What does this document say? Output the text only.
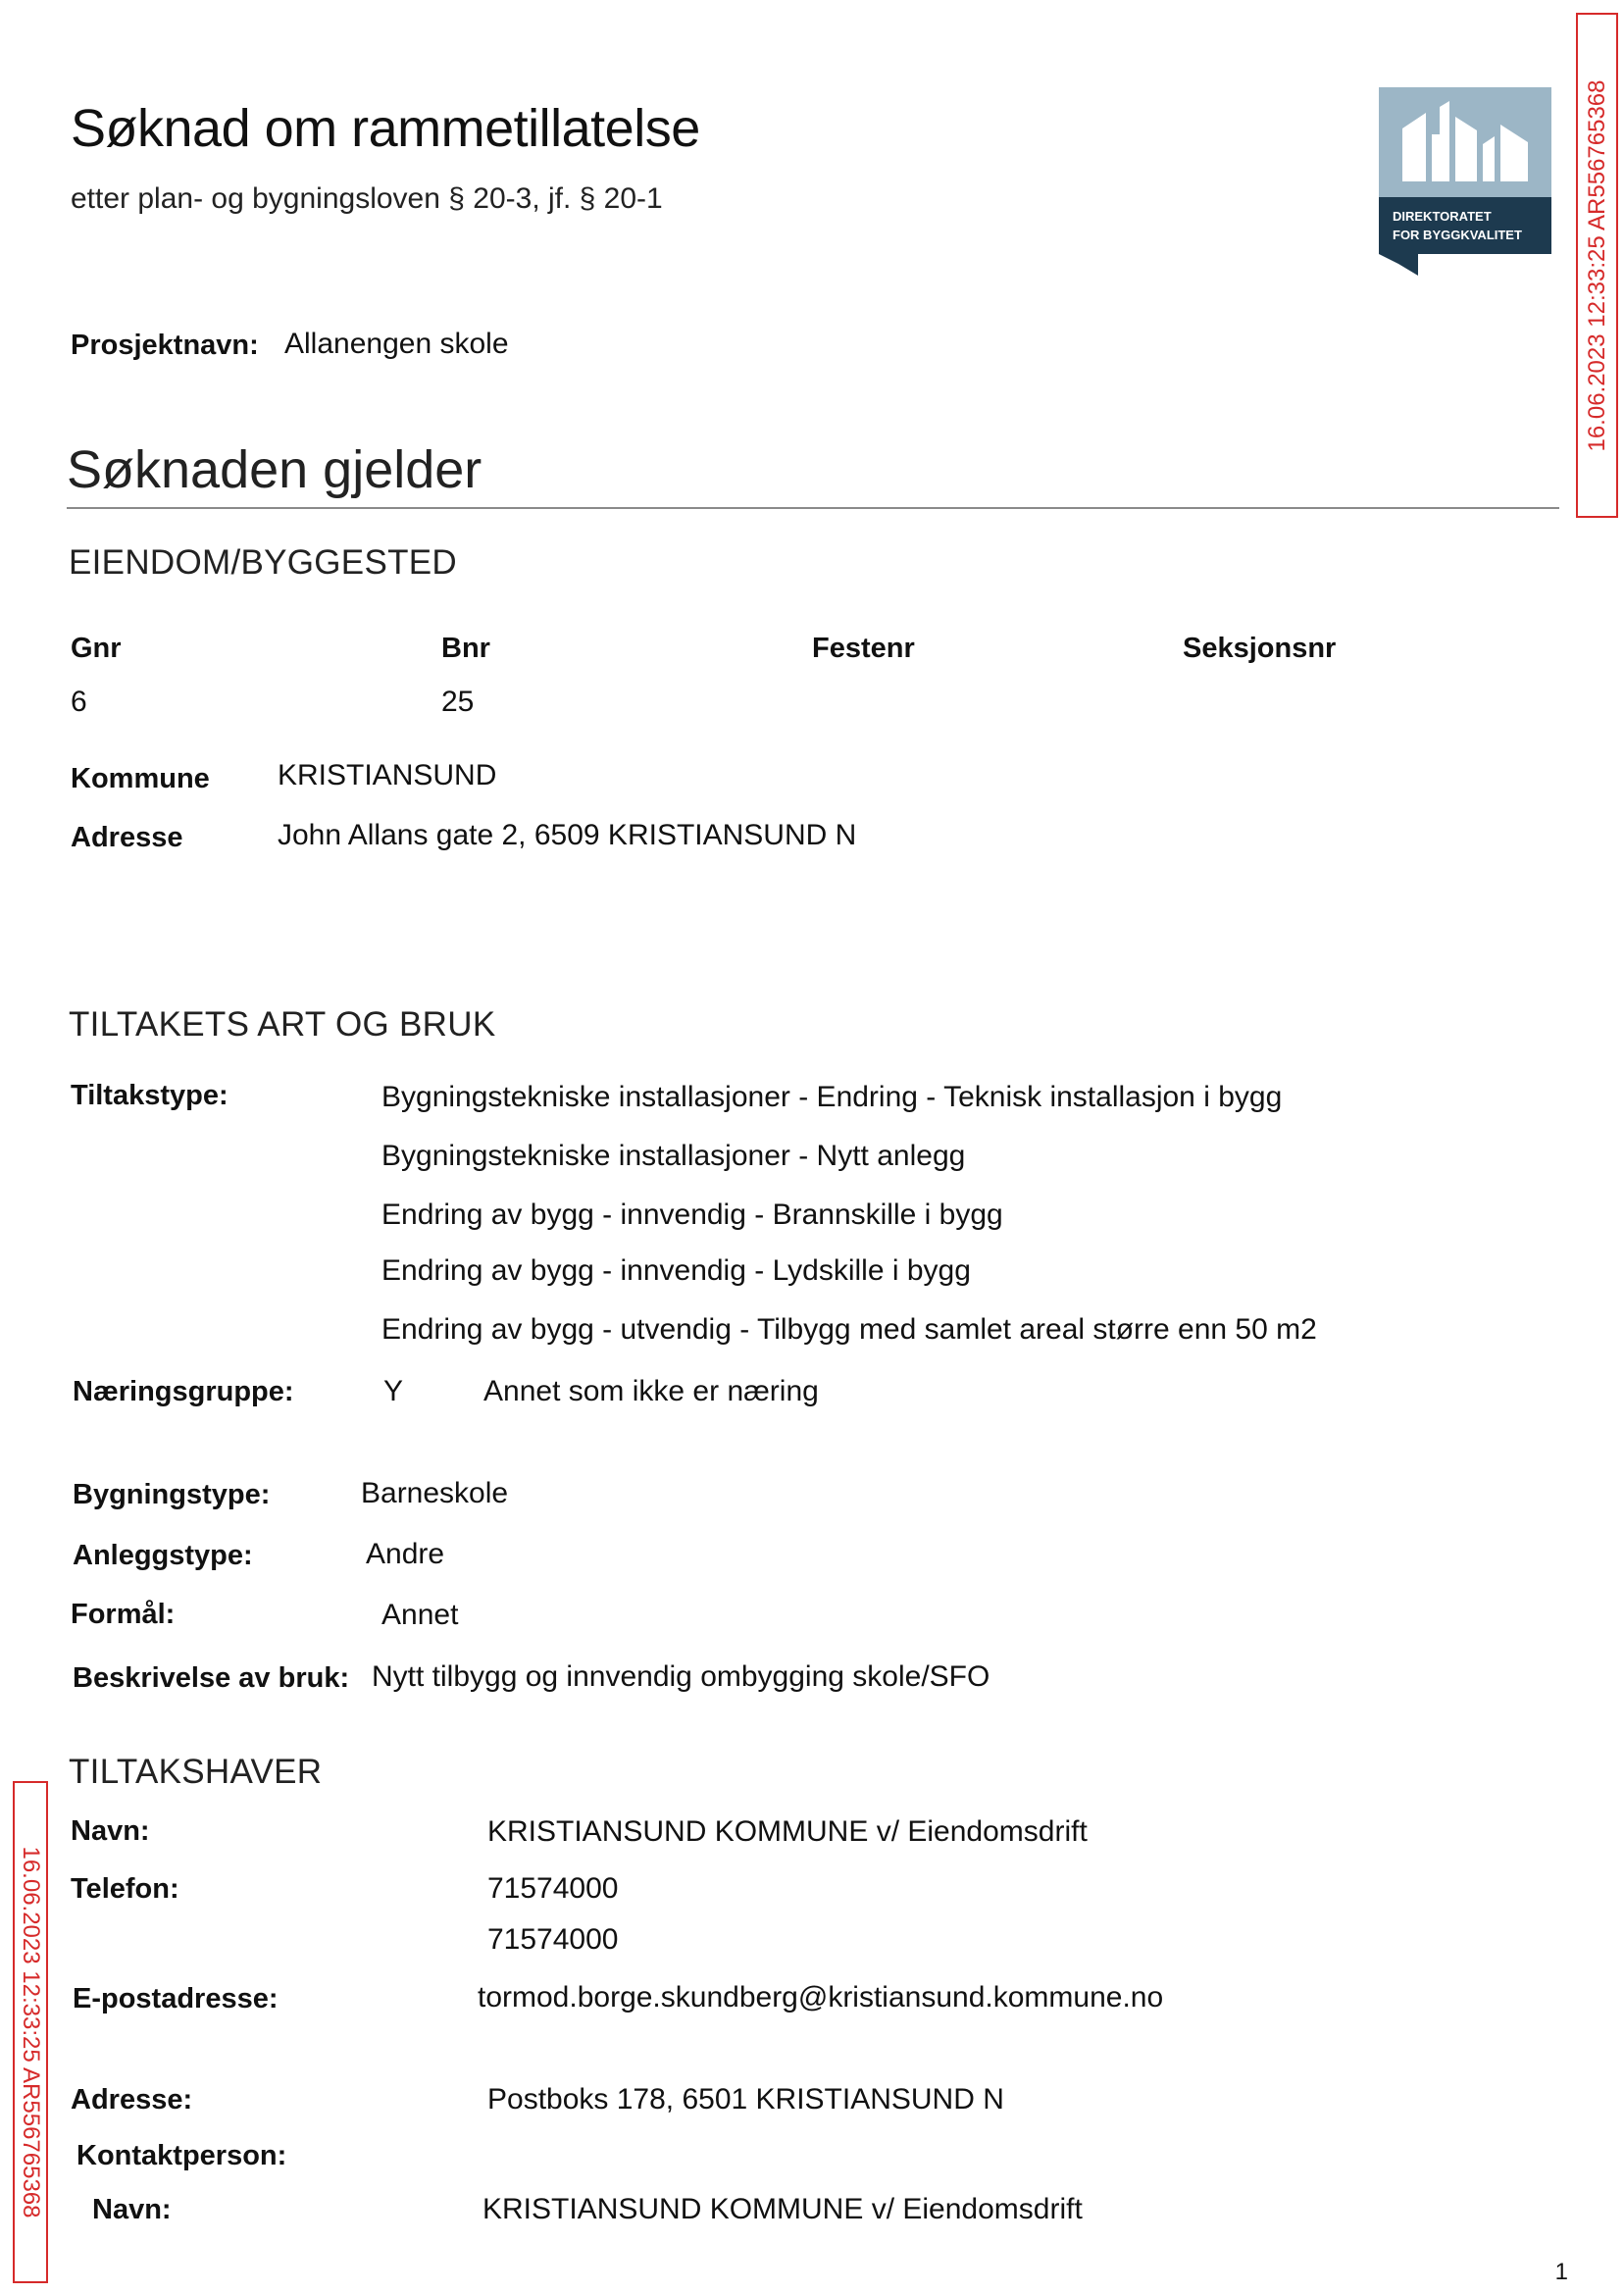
Søknad om rammetillatelse
etter plan- og bygningsloven § 20-3, jf. § 20-1
DIREKTORATET
FOR BYGGKVALITET	16.06.2023 12:33:25 AR556765368
Prosjektnavn: Allanengen skole
Søknaden gjelder
EIENDOM/BYGGESTED
Gnr	Bnr	Festenr	Seksjonsnr
6	25
Kommune KRISTIANSUND
Adresse	John Allans gate 2, 6509 KRISTIANSUND N
TILTAKETS ART OG BRUK
Tiltakstype:	Bygningstekniske installasjoner - Endring - Teknisk installasjon i bygg
Bygningstekniske installasjoner - Nytt anlegg
Endring av bygg - innvendig - Brannskille i bygg
Endring av bygg - innvendig - Lydskille i bygg
Endring av bygg - utvendig - Tilbygg med samlet areal større enn 50 m2
Næringsgruppe:	Y	Annet som ikke er næring
Bygningstype:	Barneskole
Anleggstype:	Andre
Formål:	Annet
Beskrivelse av bruk: Nytt tilbygg og innvendig ombygging skole/SFO
TILTAKSHAVER
Navn:	KRISTIANSUND KOMMUNE v/ Eiendomsdrift
Telefon:	71574000
71574000
E-postadresse:	tormod.borge.skundberg@kristiansund.kommune.no
Adresse:	Postboks 178, 6501 KRISTIANSUND N
Kontaktperson:
Navn:	KRISTIANSUND KOMMUNE v/ Eiendomsdrift
16.06.2023 12:33:25 AR556765368
1
